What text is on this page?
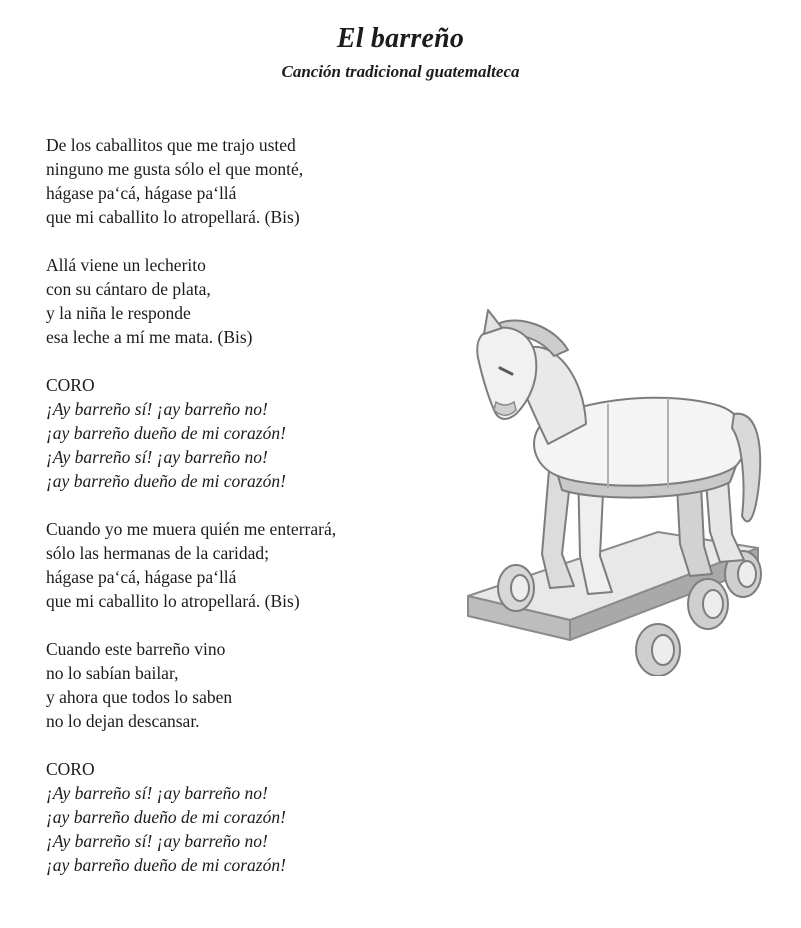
El barreño
Canción tradicional guatemalteca
De los caballitos que me trajo usted
ninguno me gusta sólo el que monté,
hágase pa‘cá, hágase pa‘llá
que mi caballito lo atropellará. (Bis)
Allá viene un lecherito
con su cántaro de plata,
y la niña le responde
esa leche a mí me mata. (Bis)
CORO
¡Ay barreño sí! ¡ay barreño no!
¡ay barreño dueño de mi corazón!
¡Ay barreño sí! ¡ay barreño no!
¡ay barreño dueño de mi corazón!
Cuando yo me muera quién me enterrará,
sólo las hermanas de la caridad;
hágase pa‘cá, hágase pa‘llá
que mi caballito lo atropellará. (Bis)
Cuando este barreño vino
no lo sabían bailar,
y ahora que todos lo saben
no lo dejan descansar.
CORO
¡Ay barreño sí! ¡ay barreño no!
¡ay barreño dueño de mi corazón!
¡Ay barreño sí! ¡ay barreño no!
¡ay barreño dueño de mi corazón!
